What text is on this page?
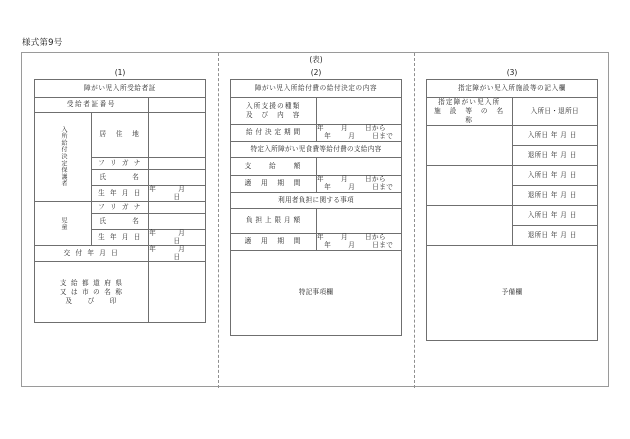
様式第9号
(表)
(1)
障がい児入所受給者証		
受給者証番号		

入所給付決定保護者	居　住　地	
	フ リ ガ ナ	
	氏　　　名	
	生 年 月 日	年 月  日

児童	フ リ ガ ナ	
	氏　　　名	
	生 年 月 日	年 月  日
交 付 年 月 日		年 月  日

支 給 都 道 府 県
又 は 市 の 名 称
及 　 び 　 印		

(2)
障がい児入所給付費の給付決定の内容	

入所支援の種類
及　び　内　容	

給 付 決 定 期 間	年 月 日から  年 月 日まで
特定入所障がい児食費等給付費の支給内容	
支　　給　　額	
適　用　期　間	年 月 日から  年 月 日まで
利用者負担に関する事項	
負 担 上 限 月 額	
適　用　期　間	年 月 日から  年 月 日まで
特記事項欄	
(3)
指定障がい児入所施設等の記入欄	

指定障がい児入所
施　設　等　の　名　称	入所日・退所日

	入所日 年 月 日

	退所日 年 月 日

	入所日 年 月 日

	退所日 年 月 日

	入所日 年 月 日

	退所日 年 月 日

予備欄	
